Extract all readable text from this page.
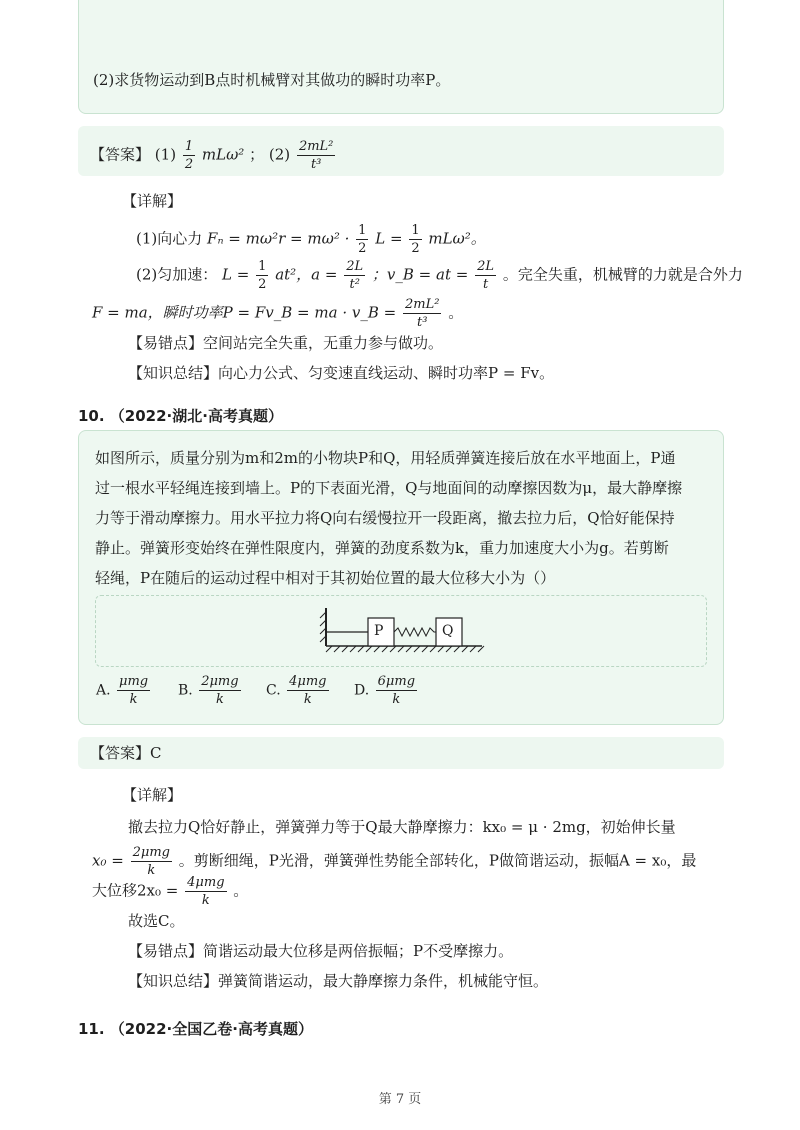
(2)求货物运动到B点时机械臂对其做功的瞬时功率P。
【答案】 $(1) \frac{1}{2} mL\omega^2$ ； $(2) \frac{\text{2mL²}}{\text{t³}}$
【详解】
(1)向心力 $F_n = m\omega^2r = m\omega^2 \cdot \frac{1}{2}$ $L = \frac{1}{2} mL\omega^2$。
(2)匀加速： $L = \frac{1}{2} at^2$，$a = \frac{2L}{\text{t²}}$ ；v_B = at = $\frac{2L}{t}$ 。完全失重，机械臂的力就是合外力
F = ma，瞬时功率P = Fv_B = ma · v_B = $\frac{\text{2mL²}}{\text{t³}}$ 。
【易错点】空间站完全失重，无重力参与做功。
【知识总结】向心力公式、匀变速直线运动、瞬时功率P = Fv。
10. （2022·湖北·高考真题）
如图所示，质量分别为m和2m的小物块P和Q，用轻质弹簧连接后放在水平地面上，P通
过一根水平轻绳连接到墙上。P的下表面光滑，Q与地面间的动摩擦因数为μ，最大静摩擦
力等于滑动摩擦力。用水平拉力将Q向右缓慢拉开一段距离，撤去拉力后，Q恰好能保持
静止。弹簧形变始终在弹性限度内，弹簧的劲度系数为k，重力加速度大小为g。若剪断
轻绳，P在随后的运动过程中相对于其初始位置的最大位移大小为（）
P	Q
A. $\frac{\text{μmg}}{k} B$. $\frac{\text{2μmg}}{k} C$. $\frac{\text{4μmg}}{k} D$. $\frac{\text{6μmg}}{k}$
【答案】C
【详解】
撤去拉力Q恰好静止，弹簧弹力等于Q最大静摩擦力：kx₀ = μ · 2mg，初始伸长量
$x_0 = \frac{\text{2μmg}}{k}$ 。剪断细绳，P光滑，弹簧弹性势能全部转化，P做简谐运动，振幅A = x₀，最
大位移$2x_0 = \frac{\text{4μmg}}{k}$ 。
故选C。
【易错点】简谐运动最大位移是两倍振幅；P不受摩擦力。
【知识总结】弹簧简谐运动，最大静摩擦力条件，机械能守恒。
11. （2022·全国乙卷·高考真题）
第 7 页
